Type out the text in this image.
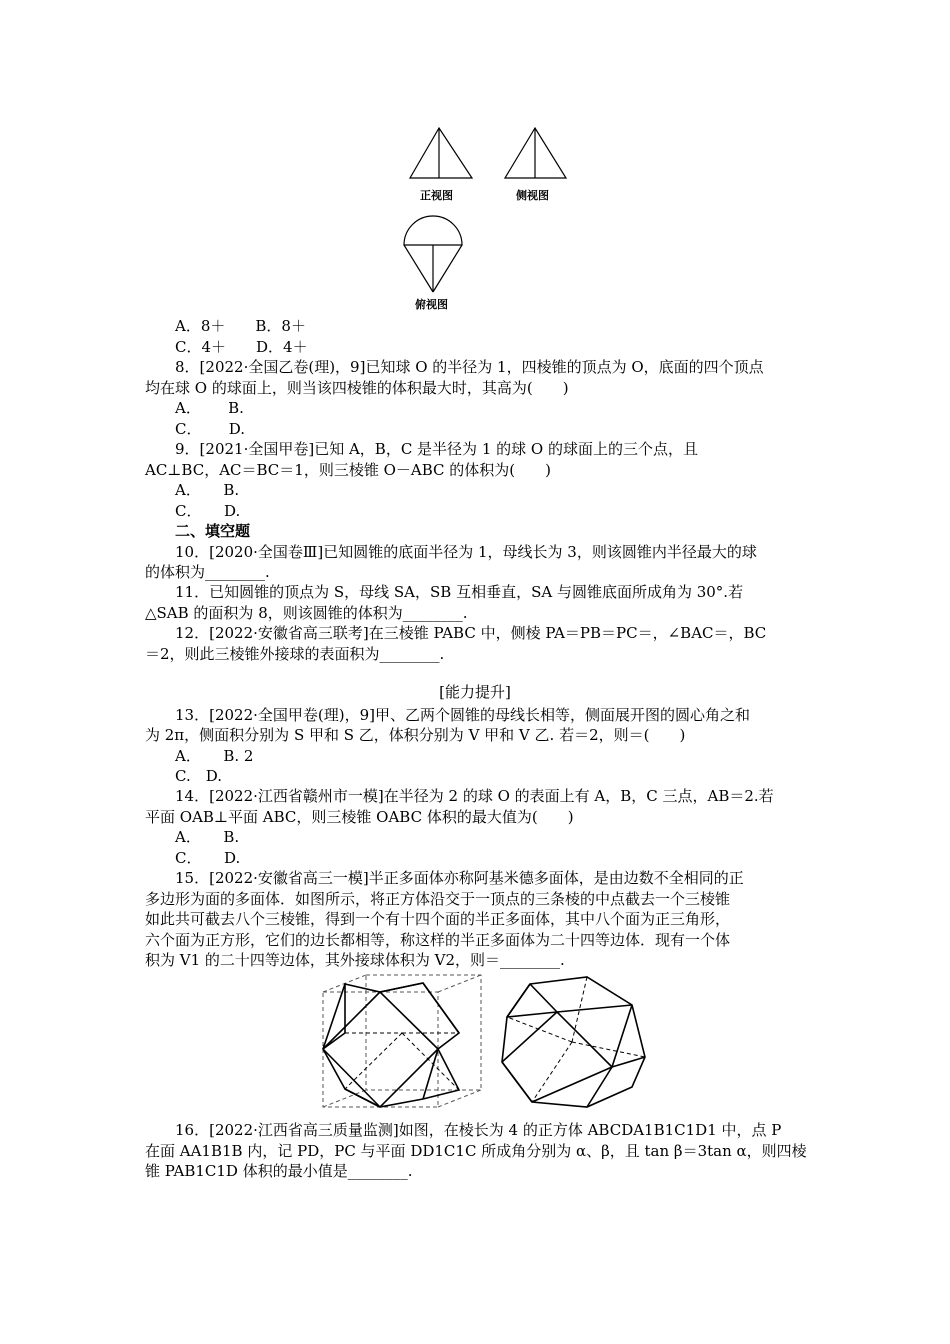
正视图	侧视图
俯视图
A．8＋　　B．8＋
C．4＋　　D．4＋
8．[2022·全国乙卷(理)，9]已知球 O 的半径为 1，四棱锥的顶点为 O，底面的四个顶点
均在球 O 的球面上，则当该四棱锥的体积最大时，其高为(　　)
A．　　 B.
C．　　 D.
9．[2021·全国甲卷]已知 A，B，C 是半径为 1 的球 O 的球面上的三个点，且
AC⊥BC，AC＝BC＝1，则三棱锥 O－ABC 的体积为(　　)
A．　　B.
C．　　D.
二、填空题
10．[2020·全国卷Ⅲ]已知圆锥的底面半径为 1，母线长为 3，则该圆锥内半径最大的球
的体积为________.
11．已知圆锥的顶点为 S，母线 SA，SB 互相垂直，SA 与圆锥底面所成角为 30°.若
△SAB 的面积为 8，则该圆锥的体积为________.
12．[2022·安徽省高三联考]在三棱锥 PABC 中，侧棱 PA＝PB＝PC＝，∠BAC＝，BC
＝2，则此三棱锥外接球的表面积为________.
[能力提升]
13．[2022·全国甲卷(理)，9]甲、乙两个圆锥的母线长相等，侧面展开图的圆心角之和
为 2π，侧面积分别为 S 甲和 S 乙，体积分别为 V 甲和 V 乙. 若＝2，则＝(　　)
A．　　B. 2
C.　D.
14．[2022·江西省赣州市一模]在半径为 2 的球 O 的表面上有 A，B，C 三点，AB＝2.若
平面 OAB⊥平面 ABC，则三棱锥 OABC 体积的最大值为(　　)
A．　　B.
C．　　D.
15．[2022·安徽省高三一模]半正多面体亦称阿基米德多面体，是由边数不全相同的正
多边形为面的多面体．如图所示，将正方体沿交于一顶点的三条棱的中点截去一个三棱锥
如此共可截去八个三棱锥，得到一个有十四个面的半正多面体，其中八个面为正三角形，
六个面为正方形，它们的边长都相等，称这样的半正多面体为二十四等边体．现有一个体
积为 V1 的二十四等边体，其外接球体积为 V2，则＝________.
16．[2022·江西省高三质量监测]如图，在棱长为 4 的正方体 ABCDA1B1C1D1 中，点 P
在面 AA1B1B 内，记 PD，PC 与平面 DD1C1C 所成角分别为 α、β，且 tan β＝3tan α，则四棱
锥 PAB1C1D 体积的最小值是________.
